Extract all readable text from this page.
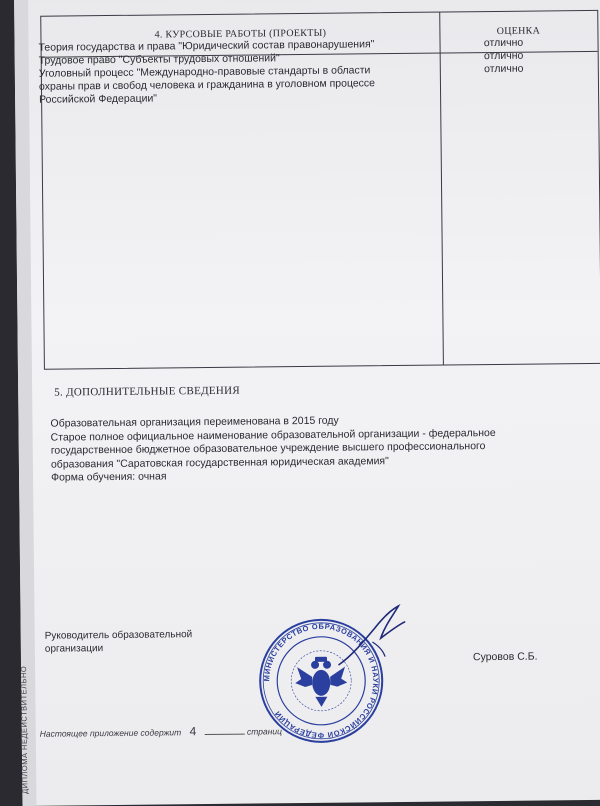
4. КУРСОВЫЕ РАБОТЫ (ПРОЕКТЫ)	ОЦЕНКА
Теория государства и права "Юридический состав правонарушения"
Трудовое право "Субъекты трудовых отношений"
Уголовный процесс "Международно-правовые стандарты в области
охраны прав и свобод человека и гражданина в уголовном процессе
Российской Федерации"
отлично
отлично
отлично
5. ДОПОЛНИТЕЛЬНЫЕ СВЕДЕНИЯ
Образовательная организация переименована в 2015 году
Старое полное официальное наименование образовательной организации - федеральное
государственное бюджетное образовательное учреждение высшего профессионального
образования "Саратовская государственная юридическая академия"
Форма обучения: очная
Руководитель образовательной
организации
Суровов С.Б.
МИНИСТЕРСТВО ОБРАЗОВАНИЯ И НАУКИ РОССИЙСКОЙ ФЕДЕРАЦИИ
Настоящее приложение содержит 4	страниц
ДИПЛОМА НЕДЕЙСТВИТЕЛЬНО
